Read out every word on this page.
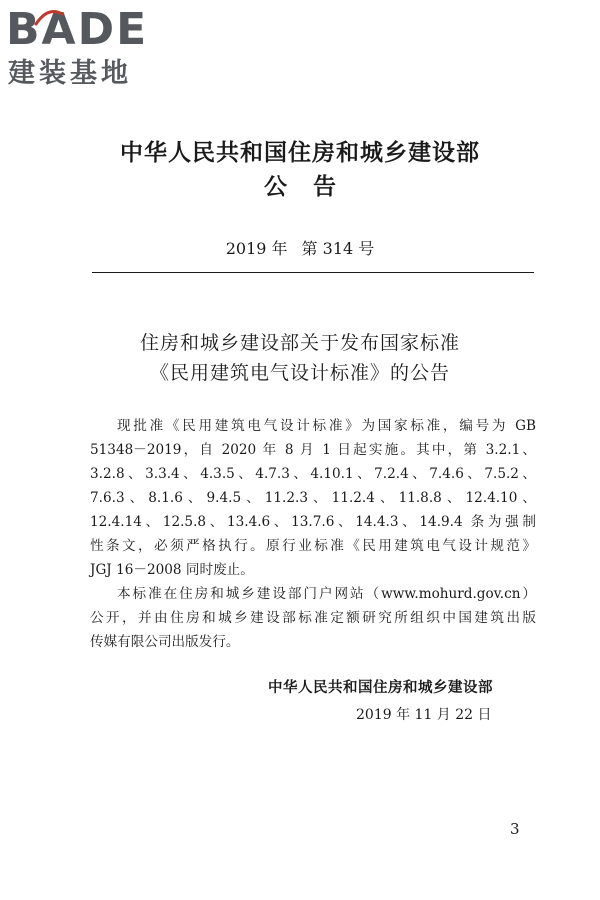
BADE
建装基地
中华人民共和国住房和城乡建设部
公告
2019 年 第 314 号
住房和城乡建设部关于发布国家标准
《民用建筑电气设计标准》的公告
现批准《民用建筑电气设计标准》为国家标准，编号为 GB
51348－2019，自 2020 年 8 月 1 日起实施。其中，第 3.2.1、
3.2.8、3.3.4、4.3.5、4.7.3、4.10.1、7.2.4、7.4.6、7.5.2、
7.6.3、8.1.6、9.4.5、11.2.3、11.2.4、11.8.8、12.4.10、
12.4.14、12.5.8、13.4.6、13.7.6、14.4.3、14.9.4 条为强制
性条文，必须严格执行。原行业标准《民用建筑电气设计规范》
JGJ 16－2008 同时废止。
本标准在住房和城乡建设部门户网站（www.mohurd.gov.cn）
公开，并由住房和城乡建设部标准定额研究所组织中国建筑出版
传媒有限公司出版发行。
中华人民共和国住房和城乡建设部
2019 年 11 月 22 日
3
